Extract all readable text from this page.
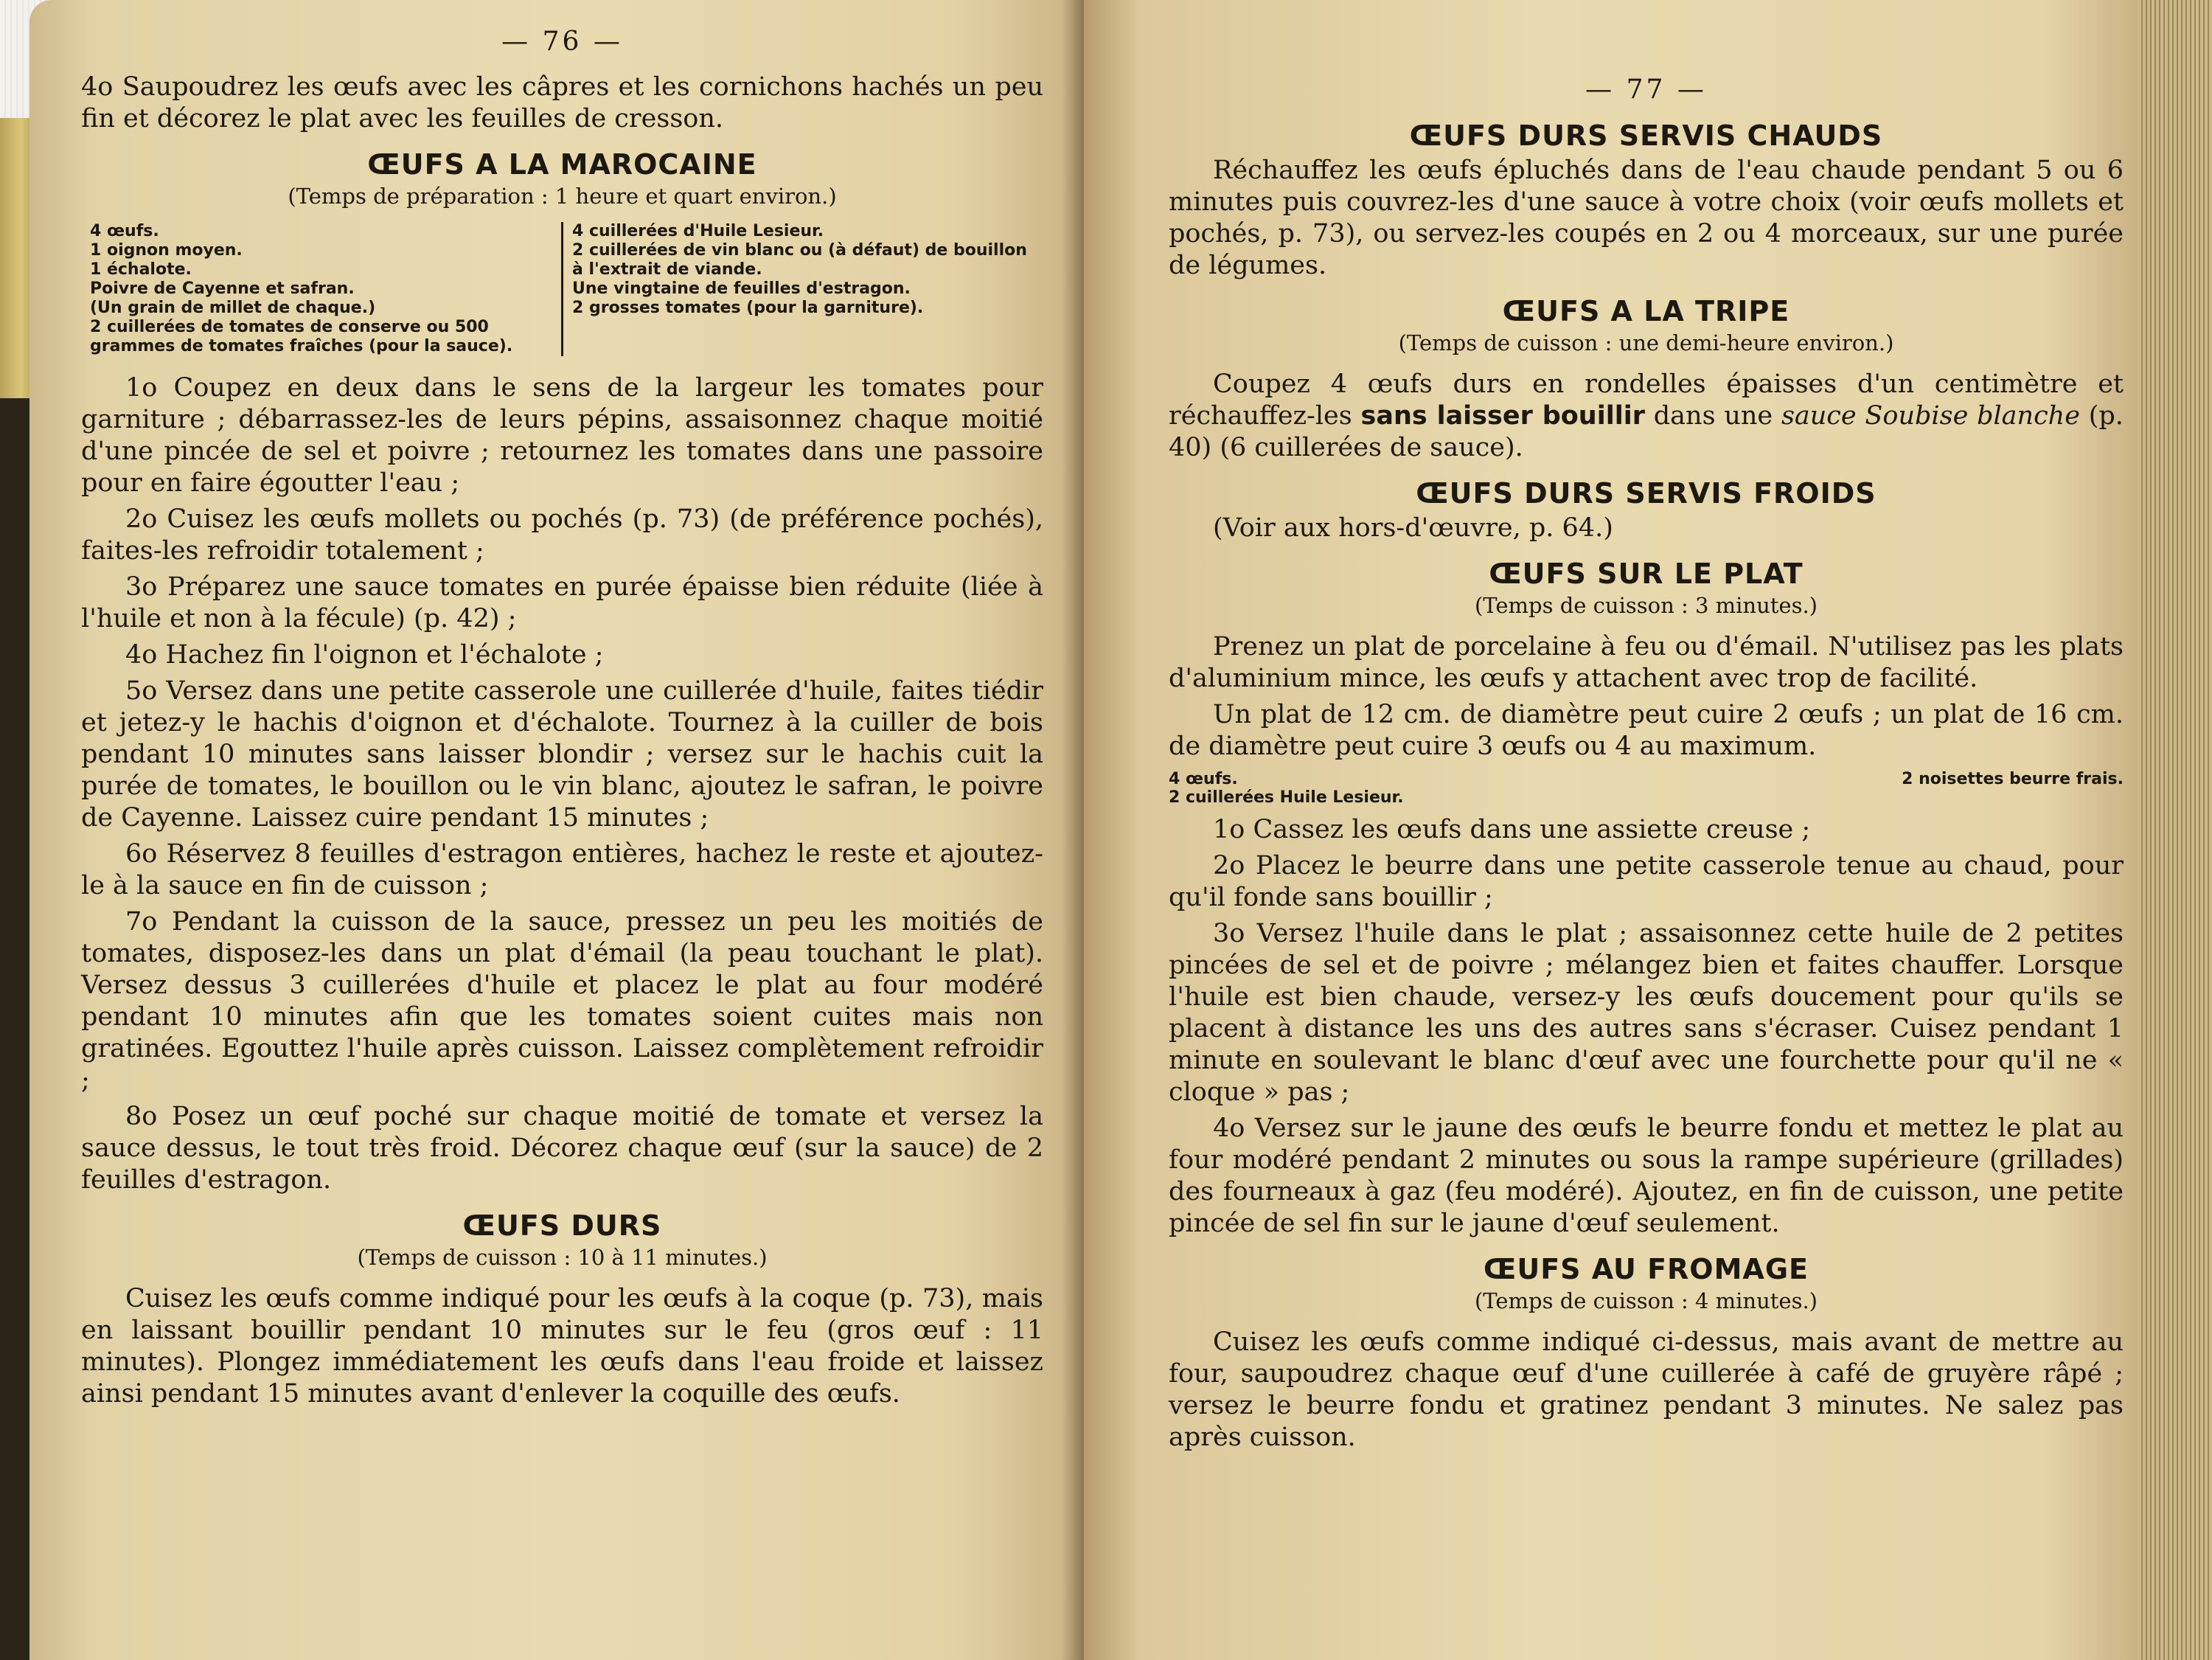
— 76 —

4o Saupoudrez les œufs avec les câpres et les cornichons hachés un peu fin et décorez le plat avec les feuilles de cresson.

ŒUFS A LA MAROCAINE
(Temps de préparation : 1 heure et quart environ.)
4 œufs.
1 oignon moyen.
1 échalote.
Poivre de Cayenne et safran.
(Un grain de millet de chaque.)
2 cuillerées de tomates de conserve ou 500 grammes de tomates fraîches (pour la sauce).
4 cuillerées d'Huile Lesieur.
2 cuillerées de vin blanc ou (à défaut) de bouillon à l'extrait de viande.
Une vingtaine de feuilles d'estragon.
2 grosses tomates (pour la garniture).

1o Coupez en deux dans le sens de la largeur les tomates pour garniture ; débarrassez-les de leurs pépins, assaisonnez chaque moitié d'une pincée de sel et poivre ; retournez les tomates dans une passoire pour en faire égoutter l'eau ;

2o Cuisez les œufs mollets ou pochés (p. 73) (de préférence pochés), faites-les refroidir totalement ;

3o Préparez une sauce tomates en purée épaisse bien réduite (liée à l'huile et non à la fécule) (p. 42) ;

4o Hachez fin l'oignon et l'échalote ;

5o Versez dans une petite casserole une cuillerée d'huile, faites tiédir et jetez-y le hachis d'oignon et d'échalote. Tournez à la cuiller de bois pendant 10 minutes sans laisser blondir ; versez sur le hachis cuit la purée de tomates, le bouillon ou le vin blanc, ajoutez le safran, le poivre de Cayenne. Laissez cuire pendant 15 minutes ;

6o Réservez 8 feuilles d'estragon entières, hachez le reste et ajoutez-le à la sauce en fin de cuisson ;

7o Pendant la cuisson de la sauce, pressez un peu les moitiés de tomates, disposez-les dans un plat d'émail (la peau touchant le plat). Versez dessus 3 cuillerées d'huile et placez le plat au four modéré pendant 10 minutes afin que les tomates soient cuites mais non gratinées. Egouttez l'huile après cuisson. Laissez complètement refroidir ;

8o Posez un œuf poché sur chaque moitié de tomate et versez la sauce dessus, le tout très froid. Décorez chaque œuf (sur la sauce) de 2 feuilles d'estragon.

ŒUFS DURS
(Temps de cuisson : 10 à 11 minutes.)

Cuisez les œufs comme indiqué pour les œufs à la coque (p. 73), mais en laissant bouillir pendant 10 minutes sur le feu (gros œuf : 11 minutes). Plongez immédiatement les œufs dans l'eau froide et laissez ainsi pendant 15 minutes avant d'enlever la coquille des œufs.

— 77 —
ŒUFS DURS SERVIS CHAUDS

Réchauffez les œufs épluchés dans de l'eau chaude pendant 5 ou 6 minutes puis couvrez-les d'une sauce à votre choix (voir œufs mollets et pochés, p. 73), ou servez-les coupés en 2 ou 4 morceaux, sur une purée de légumes.

ŒUFS A LA TRIPE
(Temps de cuisson : une demi-heure environ.)

Coupez 4 œufs durs en rondelles épaisses d'un centimètre et réchauffez-les sans laisser bouillir dans une sauce Soubise blanche (p. 40) (6 cuillerées de sauce).

ŒUFS DURS SERVIS FROIDS

(Voir aux hors-d'œuvre, p. 64.)

ŒUFS SUR LE PLAT
(Temps de cuisson : 3 minutes.)

Prenez un plat de porcelaine à feu ou d'émail. N'utilisez pas les plats d'aluminium mince, les œufs y attachent avec trop de facilité.

Un plat de 12 cm. de diamètre peut cuire 2 œufs ; un plat de 16 cm. de diamètre peut cuire 3 œufs ou 4 au maximum.

4 œufs.
2 cuillerées Huile Lesieur.
2 noisettes beurre frais.

1o Cassez les œufs dans une assiette creuse ;

2o Placez le beurre dans une petite casserole tenue au chaud, pour qu'il fonde sans bouillir ;

3o Versez l'huile dans le plat ; assaisonnez cette huile de 2 petites pincées de sel et de poivre ; mélangez bien et faites chauffer. Lorsque l'huile est bien chaude, versez-y les œufs doucement pour qu'ils se placent à distance les uns des autres sans s'écraser. Cuisez pendant 1 minute en soulevant le blanc d'œuf avec une fourchette pour qu'il ne « cloque » pas ;

4o Versez sur le jaune des œufs le beurre fondu et mettez le plat au four modéré pendant 2 minutes ou sous la rampe supérieure (grillades) des fourneaux à gaz (feu modéré). Ajoutez, en fin de cuisson, une petite pincée de sel fin sur le jaune d'œuf seulement.

ŒUFS AU FROMAGE
(Temps de cuisson : 4 minutes.)

Cuisez les œufs comme indiqué ci-dessus, mais avant de mettre au four, saupoudrez chaque œuf d'une cuillerée à café de gruyère râpé ; versez le beurre fondu et gratinez pendant 3 minutes. Ne salez pas après cuisson.
